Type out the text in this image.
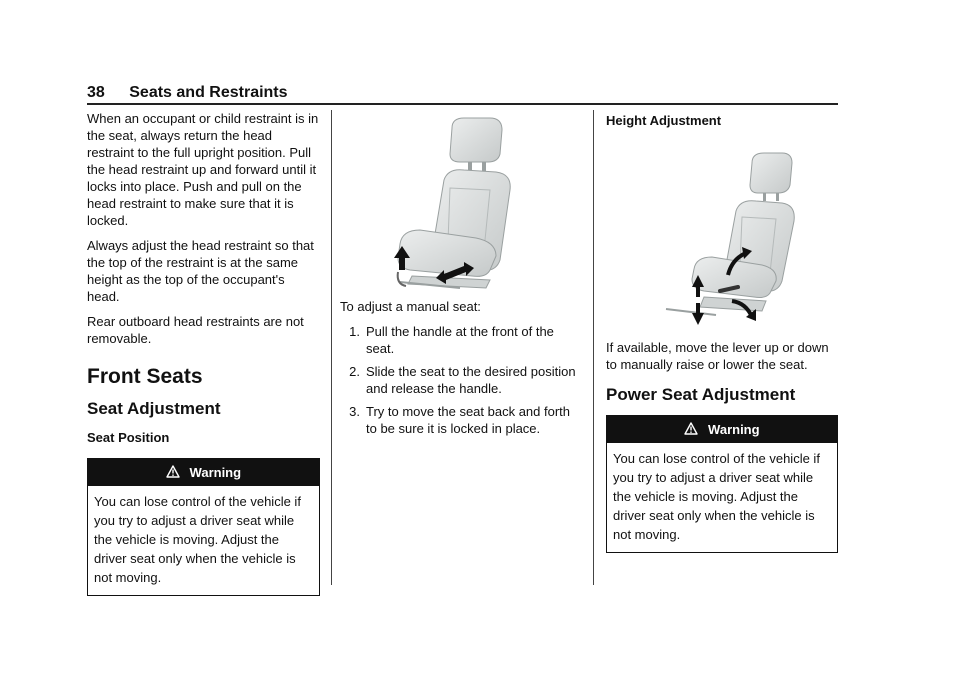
38 Seats and Restraints

When an occupant or child restraint is in the seat, always return the head restraint to the full upright position. Pull the head restraint up and forward until it locks into place. Push and pull on the head restraint to make sure that it is locked.

Always adjust the head restraint so that the top of the restraint is at the same height as the top of the occupant's head.

Rear outboard head restraints are not removable.

Front Seats
Seat Adjustment
Seat Position
Warning
You can lose control of the vehicle if you try to adjust a driver seat while the vehicle is moving. Adjust the driver seat only when the vehicle is not moving.

To adjust a manual seat:

1. Pull the handle at the front of the seat.
2. Slide the seat to the desired position and release the handle.
3. Try to move the seat back and forth to be sure it is locked in place.
Height Adjustment

If available, move the lever up or down to manually raise or lower the seat.

Power Seat Adjustment
Warning
You can lose control of the vehicle if you try to adjust a driver seat while the vehicle is moving. Adjust the driver seat only when the vehicle is not moving.
